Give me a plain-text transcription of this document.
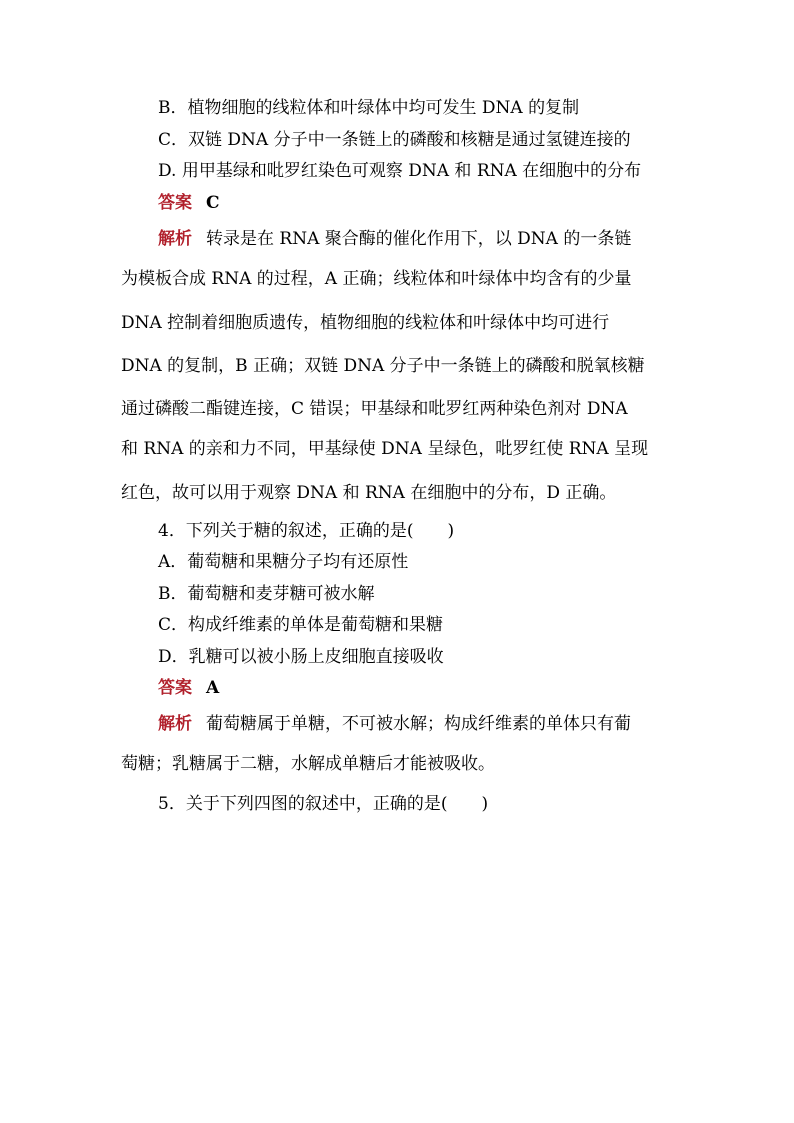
B．植物细胞的线粒体和叶绿体中均可发生 DNA 的复制
C．双链 DNA 分子中一条链上的磷酸和核糖是通过氢键连接的
D. 用甲基绿和吡罗红染色可观察 DNA 和 RNA 在细胞中的分布
答案 C
解析 转录是在 RNA 聚合酶的催化作用下，以 DNA 的一条链
为模板合成 RNA 的过程，A 正确；线粒体和叶绿体中均含有的少量
DNA 控制着细胞质遗传，植物细胞的线粒体和叶绿体中均可进行
DNA 的复制，B 正确；双链 DNA 分子中一条链上的磷酸和脱氧核糖
通过磷酸二酯键连接，C 错误；甲基绿和吡罗红两种染色剂对 DNA
和 RNA 的亲和力不同，甲基绿使 DNA 呈绿色，吡罗红使 RNA 呈现
红色，故可以用于观察 DNA 和 RNA 在细胞中的分布，D 正确。
4．下列关于糖的叙述，正确的是(　　)
A．葡萄糖和果糖分子均有还原性
B．葡萄糖和麦芽糖可被水解
C．构成纤维素的单体是葡萄糖和果糖
D．乳糖可以被小肠上皮细胞直接吸收
答案 A
解析 葡萄糖属于单糖，不可被水解；构成纤维素的单体只有葡
萄糖；乳糖属于二糖，水解成单糖后才能被吸收。
5．关于下列四图的叙述中，正确的是(　　)
